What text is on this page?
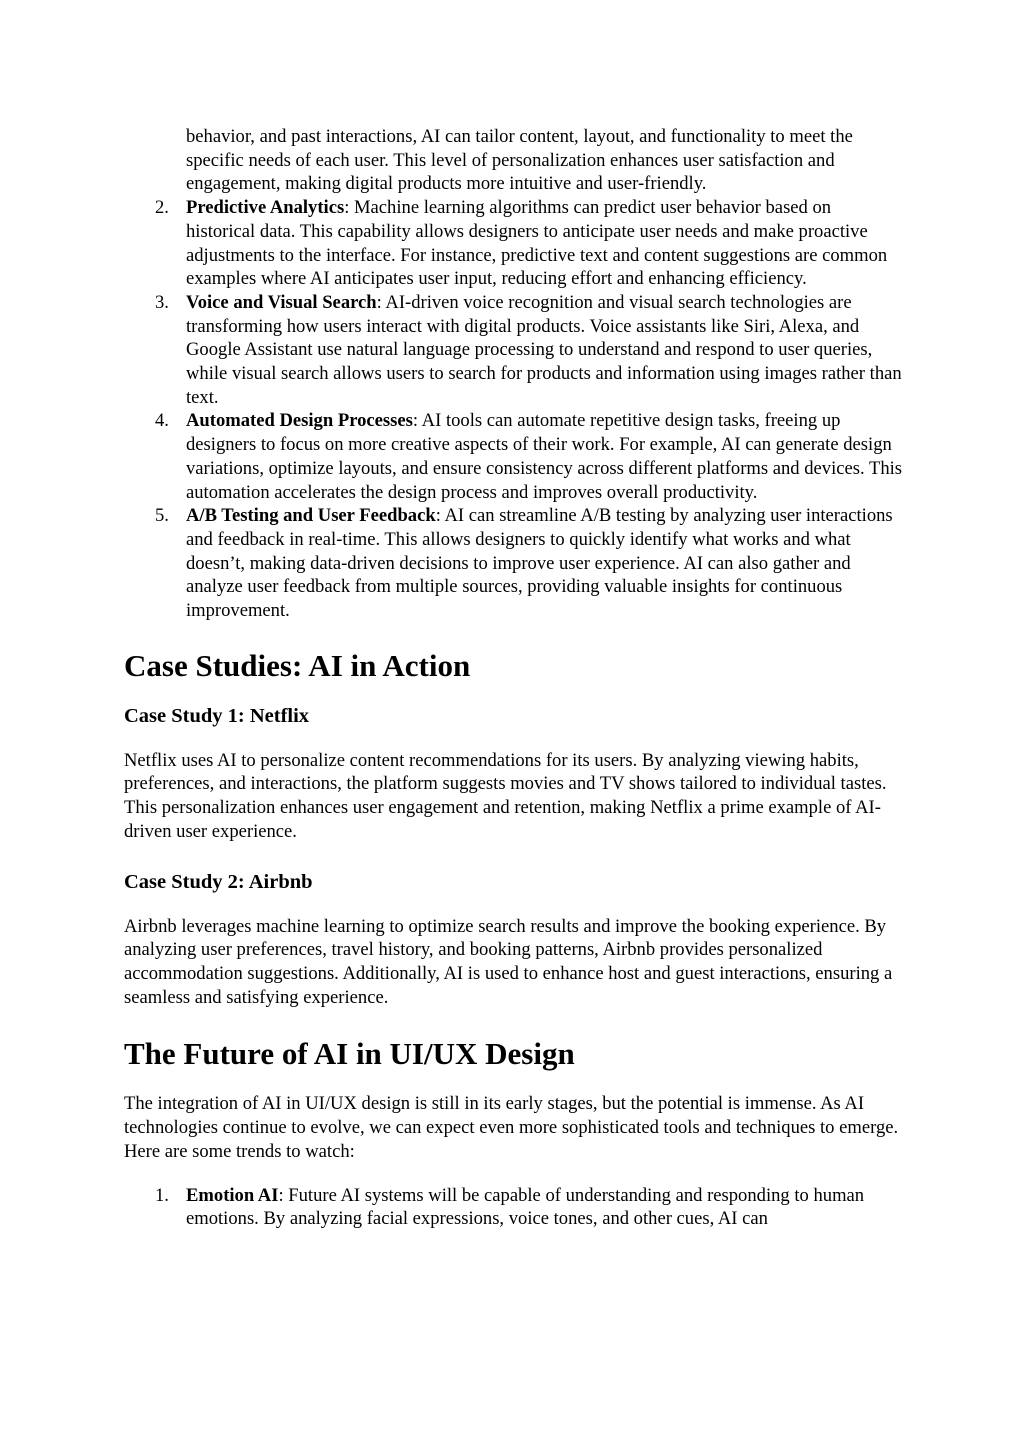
behavior, and past interactions, AI can tailor content, layout, and functionality to meet the specific needs of each user. This level of personalization enhances user satisfaction and engagement, making digital products more intuitive and user-friendly.
2. Predictive Analytics: Machine learning algorithms can predict user behavior based on historical data. This capability allows designers to anticipate user needs and make proactive adjustments to the interface. For instance, predictive text and content suggestions are common examples where AI anticipates user input, reducing effort and enhancing efficiency.
3. Voice and Visual Search: AI-driven voice recognition and visual search technologies are transforming how users interact with digital products. Voice assistants like Siri, Alexa, and Google Assistant use natural language processing to understand and respond to user queries, while visual search allows users to search for products and information using images rather than text.
4. Automated Design Processes: AI tools can automate repetitive design tasks, freeing up designers to focus on more creative aspects of their work. For example, AI can generate design variations, optimize layouts, and ensure consistency across different platforms and devices. This automation accelerates the design process and improves overall productivity.
5. A/B Testing and User Feedback: AI can streamline A/B testing by analyzing user interactions and feedback in real-time. This allows designers to quickly identify what works and what doesn’t, making data-driven decisions to improve user experience. AI can also gather and analyze user feedback from multiple sources, providing valuable insights for continuous improvement.
Case Studies: AI in Action
Case Study 1: Netflix

Netflix uses AI to personalize content recommendations for its users. By analyzing viewing habits, preferences, and interactions, the platform suggests movies and TV shows tailored to individual tastes. This personalization enhances user engagement and retention, making Netflix a prime example of AI-driven user experience.

Case Study 2: Airbnb

Airbnb leverages machine learning to optimize search results and improve the booking experience. By analyzing user preferences, travel history, and booking patterns, Airbnb provides personalized accommodation suggestions. Additionally, AI is used to enhance host and guest interactions, ensuring a seamless and satisfying experience.

The Future of AI in UI/UX Design

The integration of AI in UI/UX design is still in its early stages, but the potential is immense. As AI technologies continue to evolve, we can expect even more sophisticated tools and techniques to emerge. Here are some trends to watch:

1. Emotion AI: Future AI systems will be capable of understanding and responding to human emotions. By analyzing facial expressions, voice tones, and other cues, AI can
